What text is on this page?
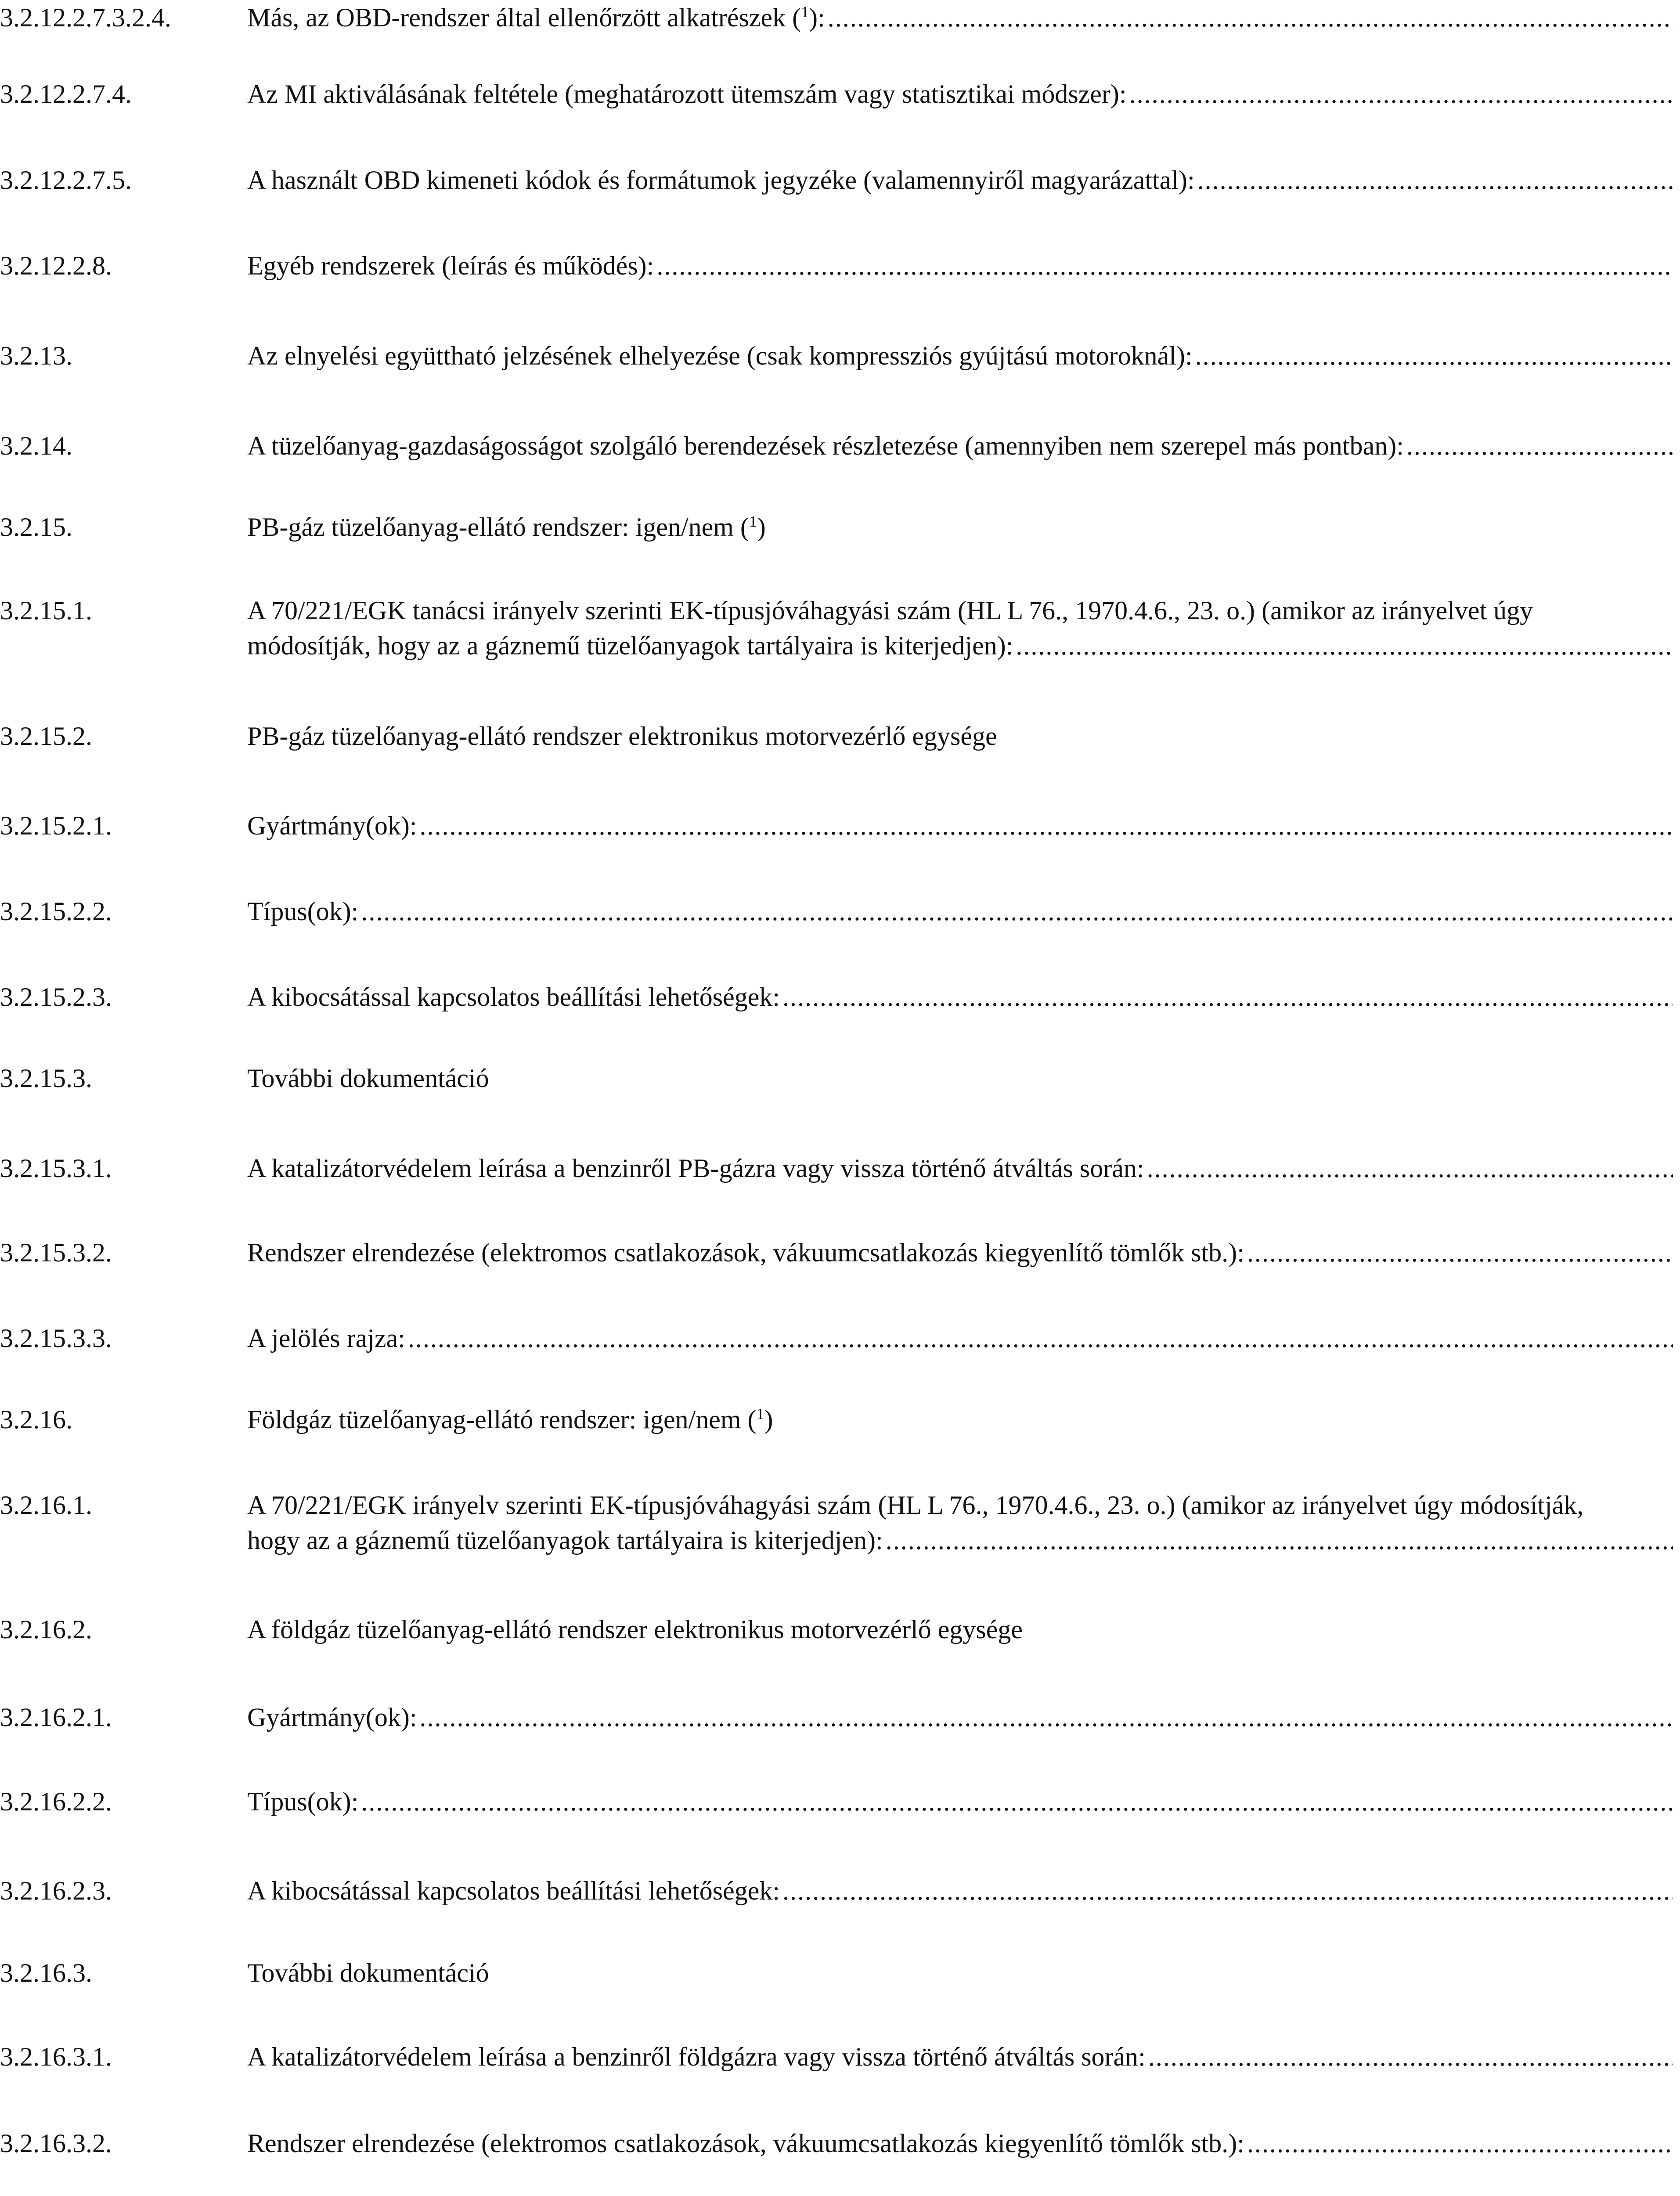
3.2.12.2.7.3.2.4.	Más, az OBD-rendszer által ellenőrzött alkatrészek ($^1$):
.....
3.2.12.2.7.4.	Az MI aktiválásának feltétele (meghatározott ütemszám vagy statisztikai módszer):
.....
3.2.12.2.7.5.	A használt OBD kimeneti kódok és formátumok jegyzéke (valamennyiről magyarázattal):
.....
3.2.12.2.8.	Egyéb rendszerek (leírás és működés):
.....
3.2.13.	Az elnyelési együttható jelzésének elhelyezése (csak kompressziós gyújtású motoroknál):
.....
3.2.14.	A tüzelőanyag-gazdaságosságot szolgáló berendezések részletezése (amennyiben nem szerepel más pontban):
.....
3.2.15.	PB-gáz tüzelőanyag-ellátó rendszer: igen/nem ($^1$)
3.2.15.1.	A 70/221/EGK tanácsi irányelv szerinti EK-típusjóváhagyási szám (HL L 76., 1970.4.6., 23. o.) (amikor az irányelvet úgy
módosítják, hogy az a gáznemű tüzelőanyagok tartályaira is kiterjedjen):
.....
3.2.15.2.	PB-gáz tüzelőanyag-ellátó rendszer elektronikus motorvezérlő egysége
3.2.15.2.1.	Gyártmány(ok):
.....
3.2.15.2.2.	Típus(ok):
.....
3.2.15.2.3.	A kibocsátással kapcsolatos beállítási lehetőségek:
.....
3.2.15.3.	További dokumentáció
3.2.15.3.1.	A katalizátorvédelem leírása a benzinről PB-gázra vagy vissza történő átváltás során:
.....
3.2.15.3.2.	Rendszer elrendezése (elektromos csatlakozások, vákuumcsatlakozás kiegyenlítő tömlők stb.):
.....
3.2.15.3.3.	A jelölés rajza:
.....
3.2.16.	Földgáz tüzelőanyag-ellátó rendszer: igen/nem ($^1$)
3.2.16.1.	A 70/221/EGK irányelv szerinti EK-típusjóváhagyási szám (HL L 76., 1970.4.6., 23. o.) (amikor az irányelvet úgy módosítják,
hogy az a gáznemű tüzelőanyagok tartályaira is kiterjedjen):
.....
3.2.16.2.	A földgáz tüzelőanyag-ellátó rendszer elektronikus motorvezérlő egysége
3.2.16.2.1.	Gyártmány(ok):
.....
3.2.16.2.2.	Típus(ok):
.....
3.2.16.2.3.	A kibocsátással kapcsolatos beállítási lehetőségek:
.....
3.2.16.3.	További dokumentáció
3.2.16.3.1.	A katalizátorvédelem leírása a benzinről földgázra vagy vissza történő átváltás során:
.....
3.2.16.3.2.	Rendszer elrendezése (elektromos csatlakozások, vákuumcsatlakozás kiegyenlítő tömlők stb.):
.....
